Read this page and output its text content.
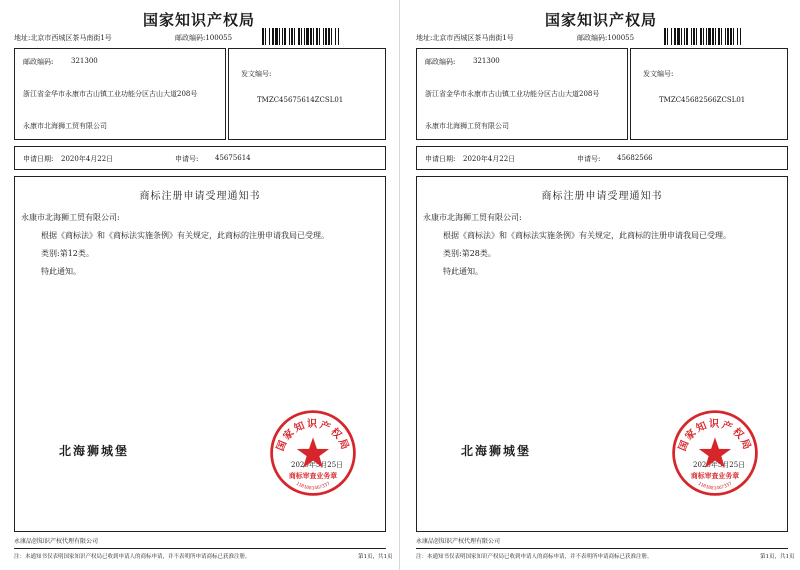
国家知识产权局
地址:北京市西城区茶马南街1号	邮政编码:100055
邮政编码:	321300
浙江省金华市永康市古山镇工业功能分区古山大道208号
永康市北海狮工贸有限公司
发文编号:
TMZC45675614ZCSL01
申请日期: 2020年4月22日	申请号: 45675614
商标注册申请受理通知书
永康市北海狮工贸有限公司:
根据《商标法》和《商标法实施条例》有关规定，此商标的注册申请我局已受理。
类别:第12类。
特此通知。
北海狮城堡
2020年5月25日
国家知识产权局
商标审查业务章
1101081467337
永康品创知识产权代理有限公司
注：本通知书仅表明国家知识产权局已收到申请人的商标申请，并不表明所申请商标已获准注册。	第1页，共1页
国家知识产权局
地址:北京市西城区茶马南街1号	邮政编码:100055
邮政编码:	321300
浙江省金华市永康市古山镇工业功能分区古山大道208号
永康市北海狮工贸有限公司
发文编号:
TMZC45682566ZCSL01
申请日期: 2020年4月22日	申请号: 45682566
商标注册申请受理通知书
永康市北海狮工贸有限公司:
根据《商标法》和《商标法实施条例》有关规定，此商标的注册申请我局已受理。
类别:第28类。
特此通知。
北海狮城堡
2020年5月25日
国家知识产权局
商标审查业务章
1101081467337
永康品创知识产权代理有限公司
注：本通知书仅表明国家知识产权局已收到申请人的商标申请，并不表明所申请商标已获准注册。	第1页，共1页
